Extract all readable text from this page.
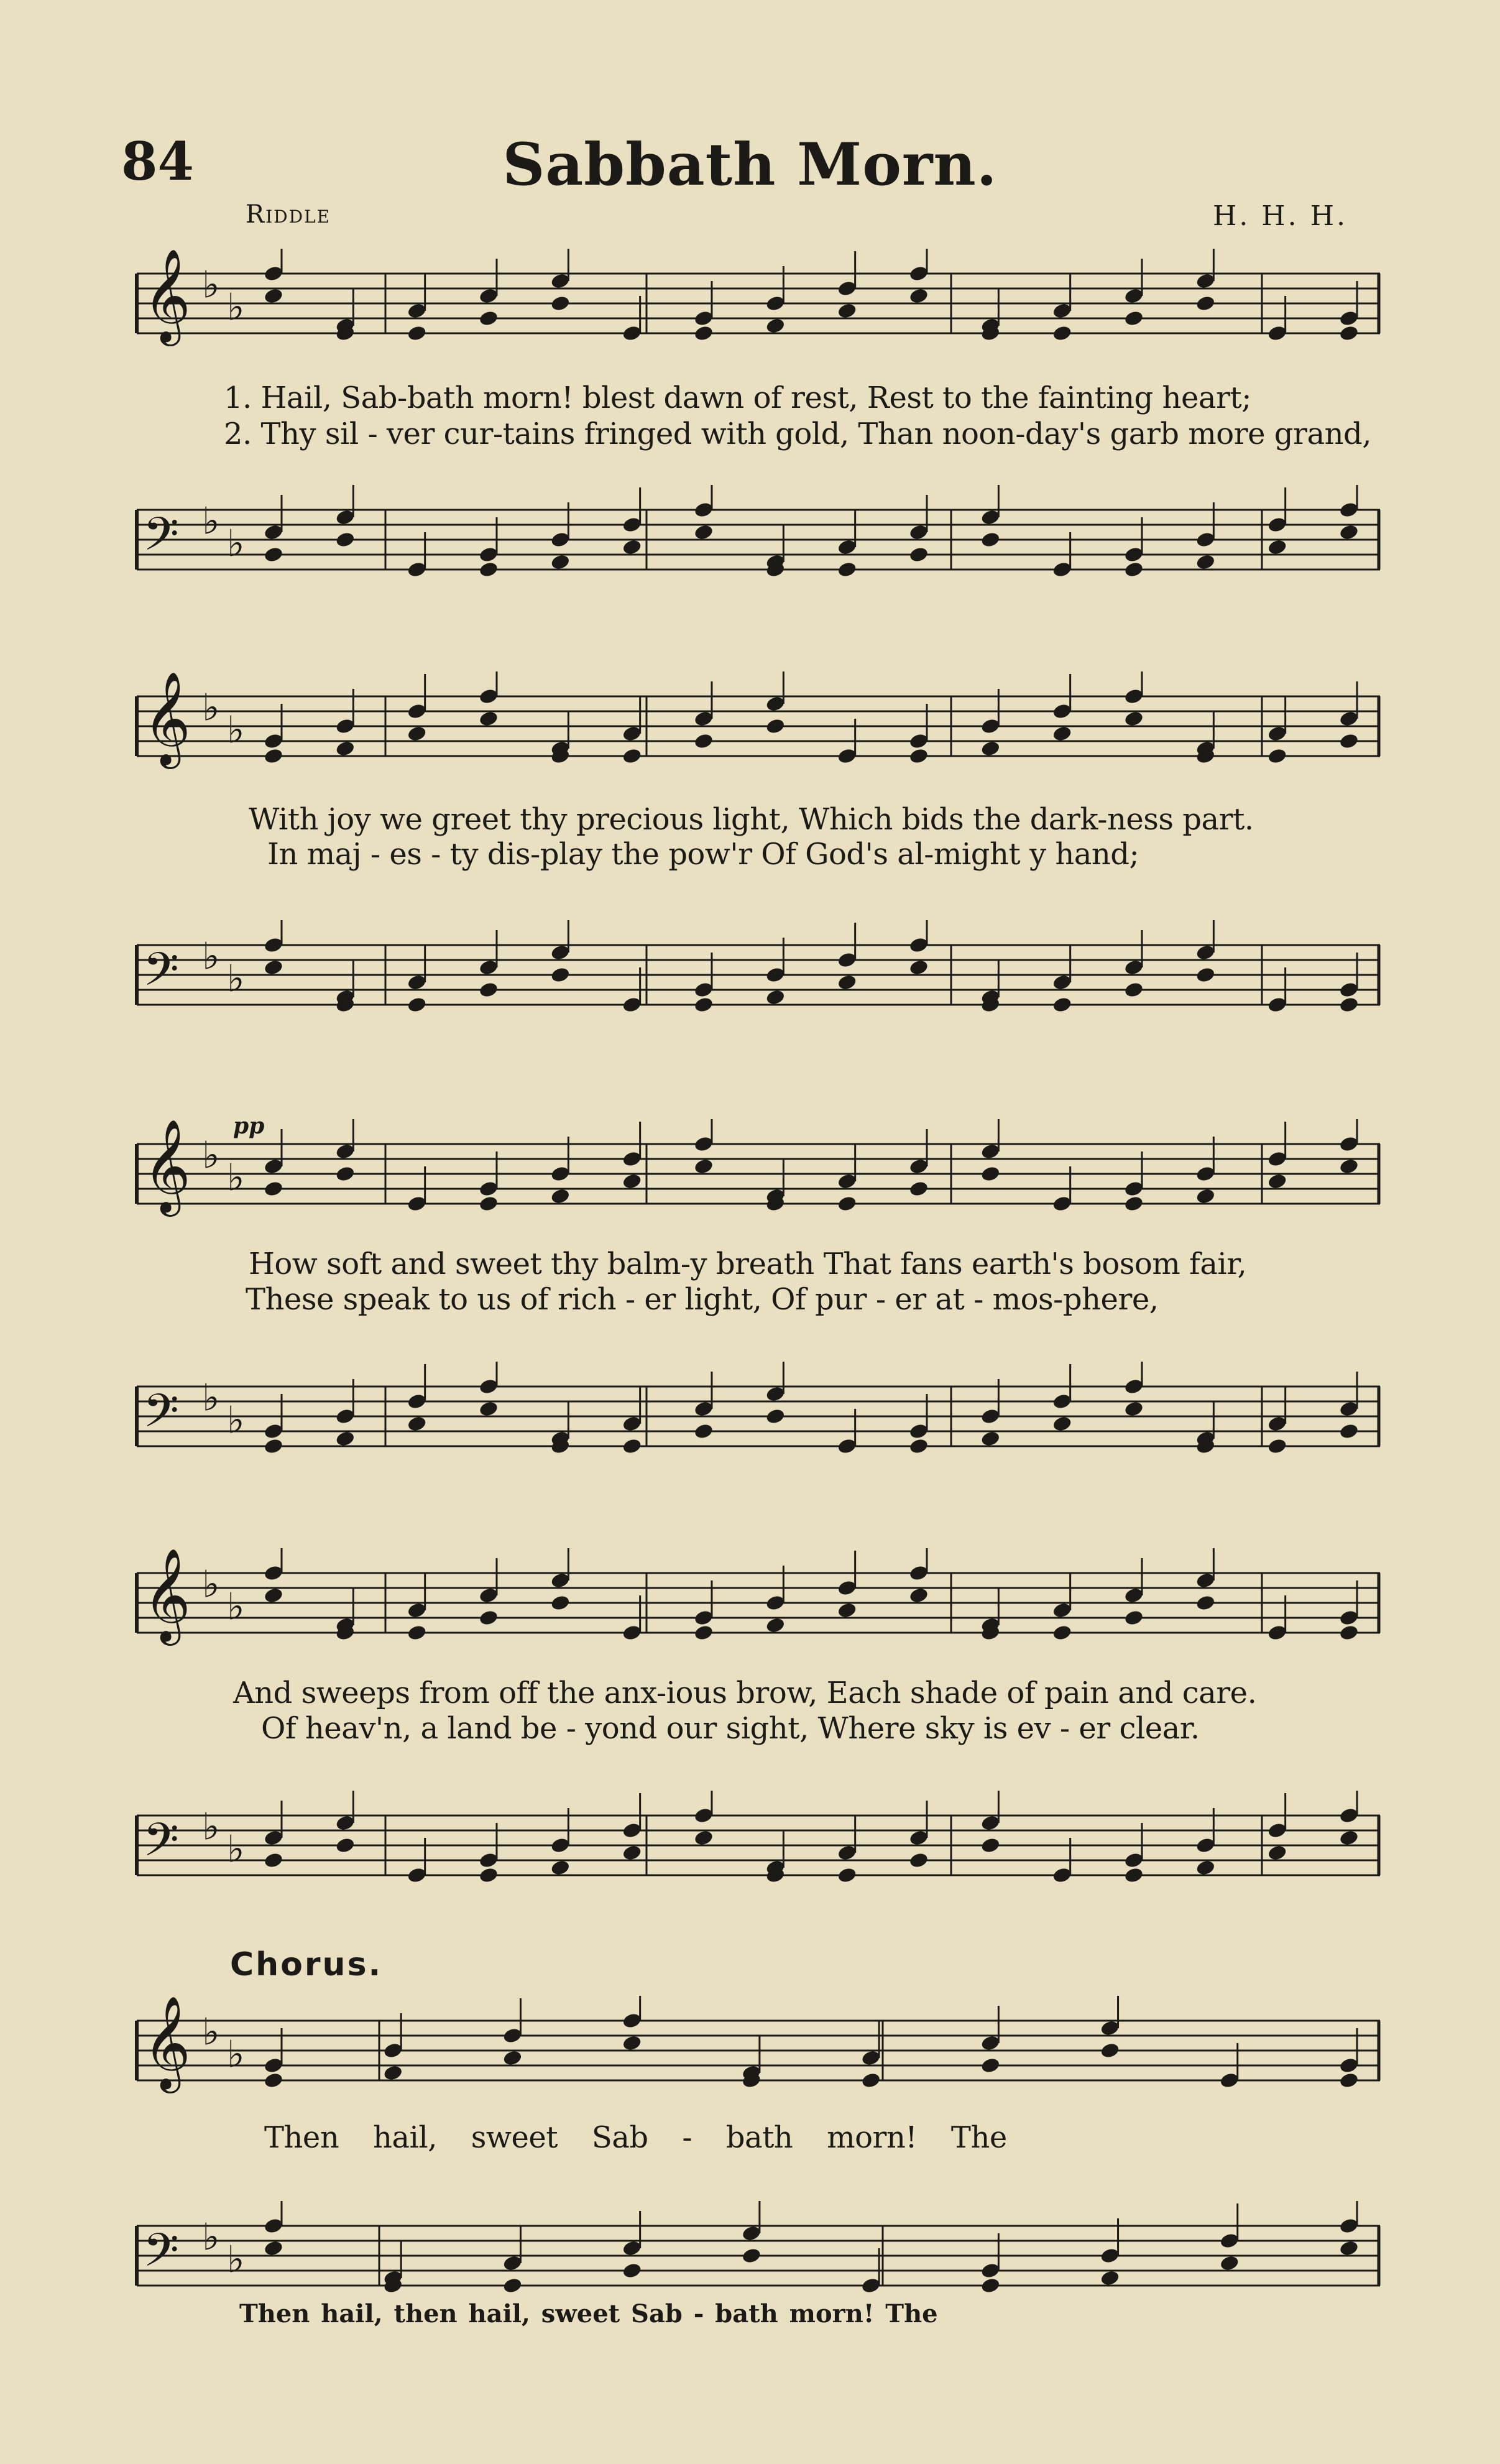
84	Sabbath Morn.
Riddle	H. H. H.
𝄞 ♭
♭
𝄢 ♭
♭
𝄞 ♭
♭
𝄢 ♭
♭
𝄞 ♭
♭
𝄢 ♭
♭
𝄞 ♭
♭
𝄢 ♭
♭
𝄞 ♭
♭
𝄢 ♭
♭
pp
Chorus.
1. Hail, Sab-bath morn! blest dawn of rest, Rest to the fainting heart;
2. Thy sil - ver cur-tains fringed with gold, Than noon-day's garb more grand,
With joy we greet thy precious light, Which bids the dark-ness part.
In maj - es - ty dis-play the pow'r Of God's al-might y hand;
How soft and sweet thy balm-y breath That fans earth's bosom fair,
These speak to us of rich - er light, Of pur - er at - mos-phere,
And sweeps from off the anx-ious brow, Each shade of pain and care.
Of heav'n, a land be - yond our sight, Where sky is ev - er clear.
Then hail, sweet Sab - bath morn! The
Then hail, then hail, sweet Sab - bath morn! The
